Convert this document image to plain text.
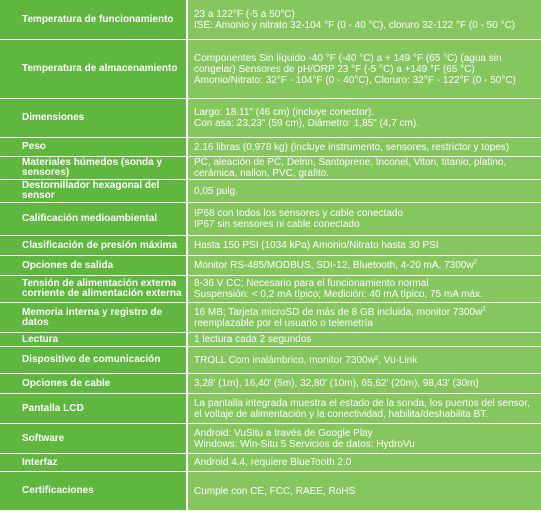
Temperatura de funcionamiento	23 a 122°F (-5 a 50°C)
ISE: Amonio y nitrato 32-104 °F (0 - 40 °C), cloruro 32-122 °F (0 - 50 °C)

Temperatura de almacenamiento	Componentes Sin líquido -40 °F (-40 °C) a + 149 °F (65 °C) (agua sin congelar) Sensores de pH/ORP 23 °F (-5 °C) a +149 °F (65 °C)
Amonio/Nitrato: 32°F - 104°F (0 - 40°C), Cloruro: 32°F - 122°F (0 - 50°C)

Dimensiones	Largo: 18.11" (46 cm) (incluye conector).
Con asa: 23,23" (59 cm), Diámetro: 1,85" (4,7 cm).

Peso	2.16 libras (0,978 kg) (incluye instrumento, sensores, restrictor y topes)

Materiales húmedos (sonda y sensores)	PC, aleación de PC, Delrin, Santoprene, Inconel, Viton, titanio, platino, cerámica, nailon, PVC, grafito.

Destornillador hexagonal del sensor	0,05 pulg.

Calificación medioambiental	IP68 con todos los sensores y cable conectado
IP67 sin sensores ni cable conectado

Clasificación de presión máxima	Hasta 150 PSI (1034 kPa) Amonio/Nitrato hasta 30 PSI

Opciones de salida	Monitor RS-485/MODBUS, SDI-12, Bluetooth, 4-20 mA, 7300w$^2$

Tensión de alimentación externa corriente de alimentación externa	8-36 V CC; Necesario para el funcionamiento normal
Suspensión: < 0,2 mA típico; Medición: 40 mA típico, 75 mA máx.

Memoria interna y registro de datos	16 MB; Tarjeta microSD de más de 8 GB incluida, monitor 7300w$^2$
reemplazable por el usuario o telemetría

Lectura	1 lectura cada 2 segundos

Dispositivo de comunicación	TROLL Com inalámbrico, monitor 7300w², Vu-Link

Opciones de cable	3,28' (1m), 16,40' (5m), 32,80' (10m), 65,62' (20m), 98,43' (30m)

Pantalla LCD	La pantalla integrada muestra el estado de la sonda, los puertos del sensor, el voltaje de alimentación y la conectividad, habilita/deshabilita BT.

Software	Android: VuSitu a través de Google Play
Windows: Win-Situ 5 Servicios de datos: HydroVu

Interfaz	Android 4.4, requiere BlueTooth 2.0

Certificaciones	Cumple con CE, FCC, RAEE, RoHS
